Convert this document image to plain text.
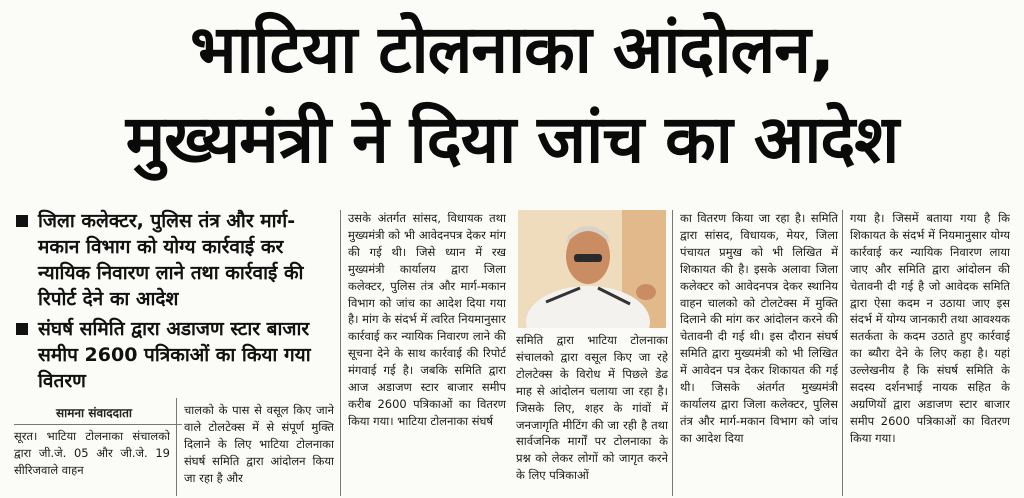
भाटिया टोलनाका आंदोलन,
मुख्यमंत्री ने दिया जांच का आदेश
जिला कलेक्टर, पुलिस तंत्र और मार्ग-मकान विभाग को योग्य कार्रवाई कर न्यायिक निवारण लाने तथा कार्रवाई की रिपोर्ट देने का आदेश
संघर्ष समिति द्वारा अडाजण स्टार बाजार समीप 2600 पत्रिकाओं का किया गया वितरण
सामना संवाददाता
सूरत। भाटिया टोलनाका संचालको द्वारा जी.जे. 05 और जी.जे. 19 सीरिजवाले वाहन
चालको के पास से वसूल किए जाने वाले टोलटेक्स में से संपूर्ण मुक्ति दिलाने के लिए भाटिया टोलनाका संघर्ष समिति द्वारा आंदोलन किया जा रहा है और
उसके अंतर्गत सांसद, विधायक तथा मुख्यमंत्री को भी आवेदनपत्र देकर मांग की गई थी। जिसे ध्यान में रख मुख्यमंत्री कार्यालय द्वारा जिला कलेक्टर, पुलिस तंत्र और मार्ग-मकान विभाग को जांच का आदेश दिया गया है। मांग के संदर्भ में त्वरित नियमानुसार कार्रवाई कर न्यायिक निवारण लाने की सूचना देने के साथ कार्रवाई की रिपोर्ट मंगवाई गई है। जबकि समिति द्वारा आज अडाजण स्टार बाजार समीप करीब 2600 पत्रिकाओं का वितरण किया गया। भाटिया टोलनाका संघर्ष
समिति द्वारा भाटिया टोलनाका संचालको द्वारा वसूल किए जा रहे टोलटेक्स के विरोध में पिछले डेढ माह से आंदोलन चलाया जा रहा है। जिसके लिए, शहर के गांवों में जनजागृति मीटिंग की जा रही है तथा सार्वजनिक मार्गों पर टोलनाका के प्रश्न को लेकर लोगों को जागृत करने के लिए पत्रिकाओं
का वितरण किया जा रहा है। समिति द्वारा सांसद, विधायक, मेयर, जिला पंचायत प्रमुख को भी लिखित में शिकायत की है। इसके अलावा जिला कलेक्टर को आवेदनपत्र देकर स्थानिय वाहन चालको को टोलटेक्स में मुक्ति दिलाने की मांग कर आंदोलन करने की चेतावनी दी गई थी। इस दौरान संघर्ष समिति द्वारा मुख्यमंत्री को भी लिखित में आवेदन पत्र देकर शिकायत की गई थी। जिसके अंतर्गत मुख्यमंत्री कार्यालय द्वारा जिला कलेक्टर, पुलिस तंत्र और मार्ग-मकान विभाग को जांच का आदेश दिया
गया है। जिसमें बताया गया है कि शिकायत के संदर्भ में नियमानुसार योग्य कार्रवाई कर न्यायिक निवारण लाया जाए और समिति द्वारा आंदोलन की चेतावनी दी गई है जो आवेदक समिति द्वारा ऐसा कदम न उठाया जाए इस संदर्भ में योग्य जानकारी तथा आवश्यक सतर्कता के कदम उठाते हुए कार्रवाई का ब्यौरा देने के लिए कहा है। यहां उल्लेखनीय है कि संघर्ष समिति के सदस्य दर्शनभाई नायक सहित के अग्रणियों द्वारा अडाजण स्टार बाजार समीप 2600 पत्रिकाओं का वितरण किया गया।
